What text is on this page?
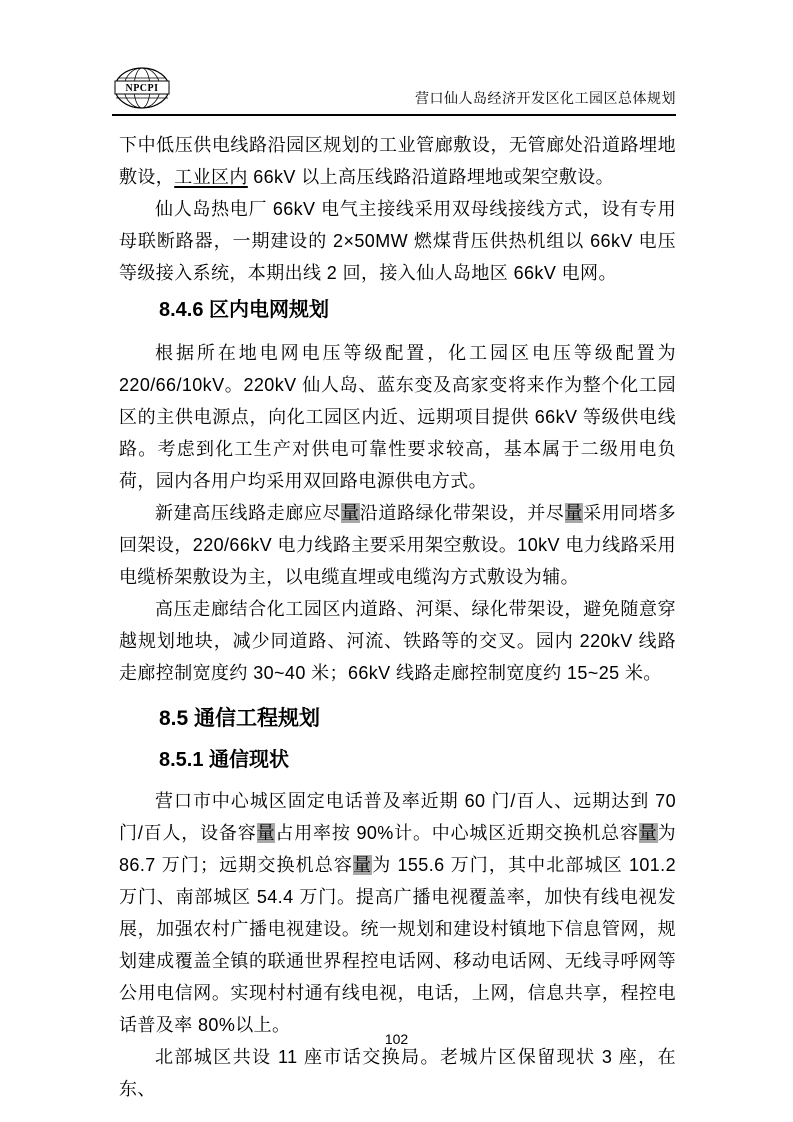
NPCPI
营口仙人岛经济开发区化工园区总体规划

下中低压供电线路沿园区规划的工业管廊敷设，无管廊处沿道路埋地敷设，工业区内 66kV 以上高压线路沿道路埋地或架空敷设。

仙人岛热电厂 66kV 电气主接线采用双母线接线方式，设有专用母联断路器，一期建设的 2×50MW 燃煤背压供热机组以 66kV 电压等级接入系统，本期出线 2 回，接入仙人岛地区 66kV 电网。

8.4.6 区内电网规划

根据所在地电网电压等级配置，化工园区电压等级配置为 220/66/10kV。220kV 仙人岛、蓝东变及高家变将来作为整个化工园区的主供电源点，向化工园区内近、远期项目提供 66kV 等级供电线路。考虑到化工生产对供电可靠性要求较高，基本属于二级用电负荷，园内各用户均采用双回路电源供电方式。

新建高压线路走廊应尽量沿道路绿化带架设，并尽量采用同塔多回架设，220/66kV 电力线路主要采用架空敷设。10kV 电力线路采用电缆桥架敷设为主，以电缆直埋或电缆沟方式敷设为辅。

高压走廊结合化工园区内道路、河渠、绿化带架设，避免随意穿越规划地块，减少同道路、河流、铁路等的交叉。园内 220kV 线路走廊控制宽度约 30~40 米；66kV 线路走廊控制宽度约 15~25 米。

8.5 通信工程规划
8.5.1 通信现状

营口市中心城区固定电话普及率近期 60 门/百人、远期达到 70 门/百人，设备容量占用率按 90%计。中心城区近期交换机总容量为 86.7 万门；远期交换机总容量为 155.6 万门，其中北部城区 101.2 万门、南部城区 54.4 万门。提高广播电视覆盖率，加快有线电视发展，加强农村广播电视建设。统一规划和建设村镇地下信息管网，规划建成覆盖全镇的联通世界程控电话网、移动电话网、无线寻呼网等公用电信网。实现村村通有线电视，电话，上网，信息共享，程控电话普及率 80%以上。

北部城区共设 11 座市话交换局。老城片区保留现状 3 座，在东、

102
